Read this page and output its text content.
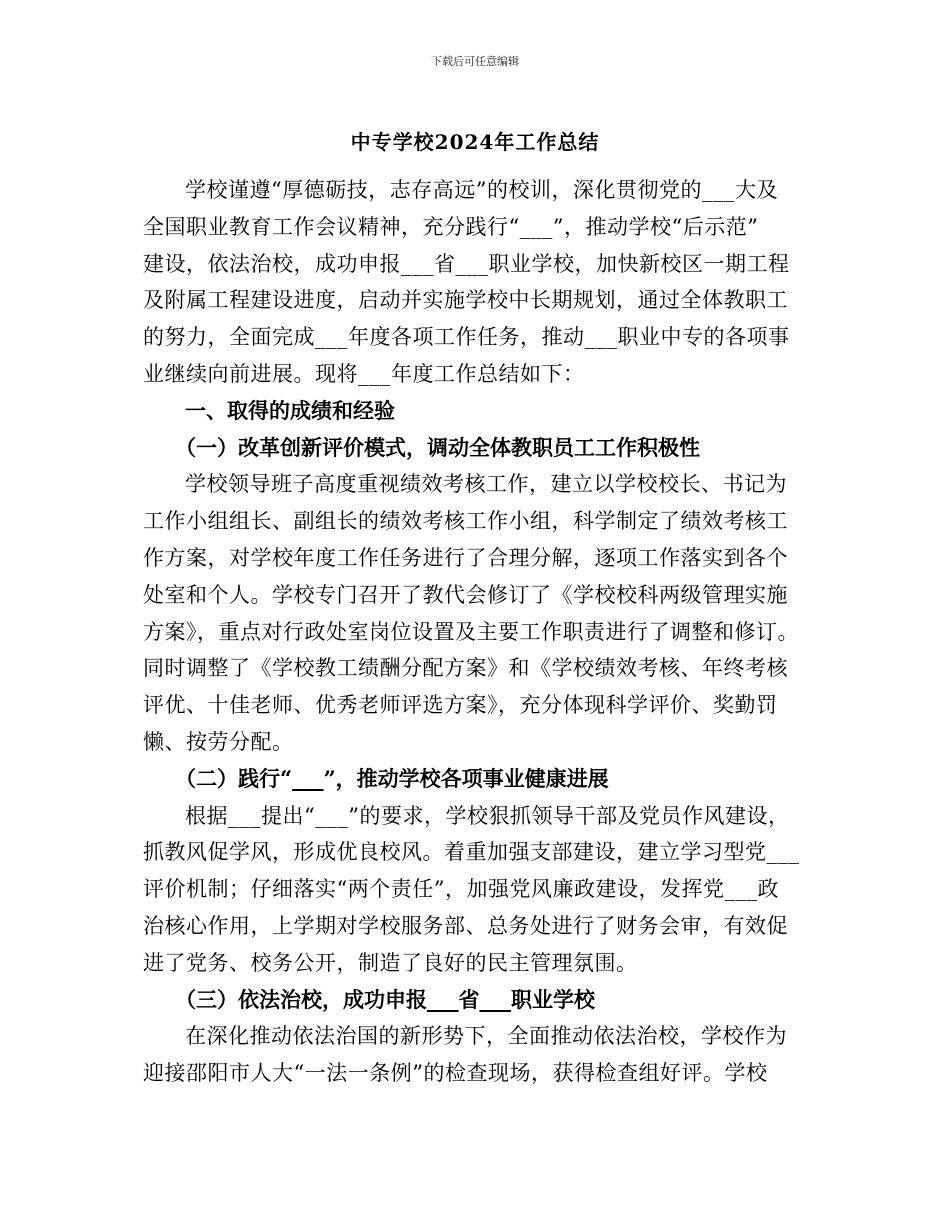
下载后可任意编辑
中专学校2024年工作总结
学校谨遵“厚德砺技，志存高远”的校训，深化贯彻党的___大及
全国职业教育工作会议精神，充分践行“___”，推动学校“后示范”
建设，依法治校，成功申报___省___职业学校，加快新校区一期工程
及附属工程建设进度，启动并实施学校中长期规划，通过全体教职工
的努力，全面完成___年度各项工作任务，推动___职业中专的各项事
业继续向前进展。现将___年度工作总结如下：
一、取得的成绩和经验
（一）改革创新评价模式，调动全体教职员工工作积极性
学校领导班子高度重视绩效考核工作，建立以学校校长、书记为
工作小组组长、副组长的绩效考核工作小组，科学制定了绩效考核工
作方案，对学校年度工作任务进行了合理分解，逐项工作落实到各个
处室和个人。学校专门召开了教代会修订了《学校校科两级管理实施
方案》，重点对行政处室岗位设置及主要工作职责进行了调整和修订。
同时调整了《学校教工绩酬分配方案》和《学校绩效考核、年终考核
评优、十佳老师、优秀老师评选方案》，充分体现科学评价、奖勤罚
懒、按劳分配。
（二）践行“___”，推动学校各项事业健康进展
根据___提出“___”的要求，学校狠抓领导干部及党员作风建设，
抓教风促学风，形成优良校风。着重加强支部建设，建立学习型党___
评价机制；仔细落实“两个责任”，加强党风廉政建设，发挥党___政
治核心作用，上学期对学校服务部、总务处进行了财务会审，有效促
进了党务、校务公开，制造了良好的民主管理氛围。
（三）依法治校，成功申报___省___职业学校
在深化推动依法治国的新形势下，全面推动依法治校，学校作为
迎接邵阳市人大“一法一条例”的检查现场，获得检查组好评。学校
